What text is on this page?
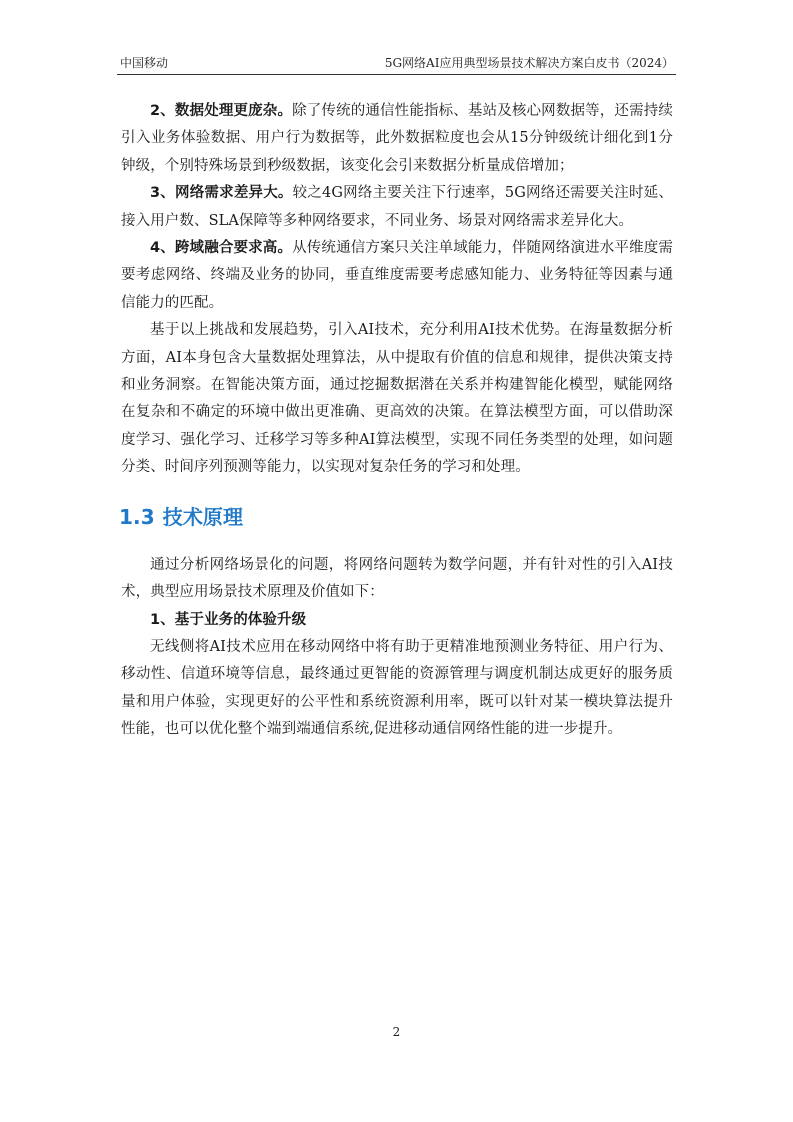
中国移动	5G网络AI应用典型场景技术解决方案白皮书（2024）

2、数据处理更庞杂。除了传统的通信性能指标、基站及核心网数据等，还需持续引入业务体验数据、用户行为数据等，此外数据粒度也会从15分钟级统计细化到1分钟级，个别特殊场景到秒级数据，该变化会引来数据分析量成倍增加；

3、网络需求差异大。较之4G网络主要关注下行速率，5G网络还需要关注时延、接入用户数、SLA保障等多种网络要求，不同业务、场景对网络需求差异化大。

4、跨域融合要求高。从传统通信方案只关注单域能力，伴随网络演进水平维度需要考虑网络、终端及业务的协同，垂直维度需要考虑感知能力、业务特征等因素与通信能力的匹配。

基于以上挑战和发展趋势，引入AI技术，充分利用AI技术优势。在海量数据分析方面，AI本身包含大量数据处理算法，从中提取有价值的信息和规律，提供决策支持和业务洞察。在智能决策方面，通过挖掘数据潜在关系并构建智能化模型，赋能网络在复杂和不确定的环境中做出更准确、更高效的决策。在算法模型方面，可以借助深度学习、强化学习、迁移学习等多种AI算法模型，实现不同任务类型的处理，如问题分类、时间序列预测等能力，以实现对复杂任务的学习和处理。

1.3 技术原理

通过分析网络场景化的问题，将网络问题转为数学问题，并有针对性的引入AI技术，典型应用场景技术原理及价值如下：

1、基于业务的体验升级

无线侧将AI技术应用在移动网络中将有助于更精准地预测业务特征、用户行为、移动性、信道环境等信息，最终通过更智能的资源管理与调度机制达成更好的服务质量和用户体验，实现更好的公平性和系统资源利用率，既可以针对某一模块算法提升性能，也可以优化整个端到端通信系统,促进移动通信网络性能的进一步提升。

2
